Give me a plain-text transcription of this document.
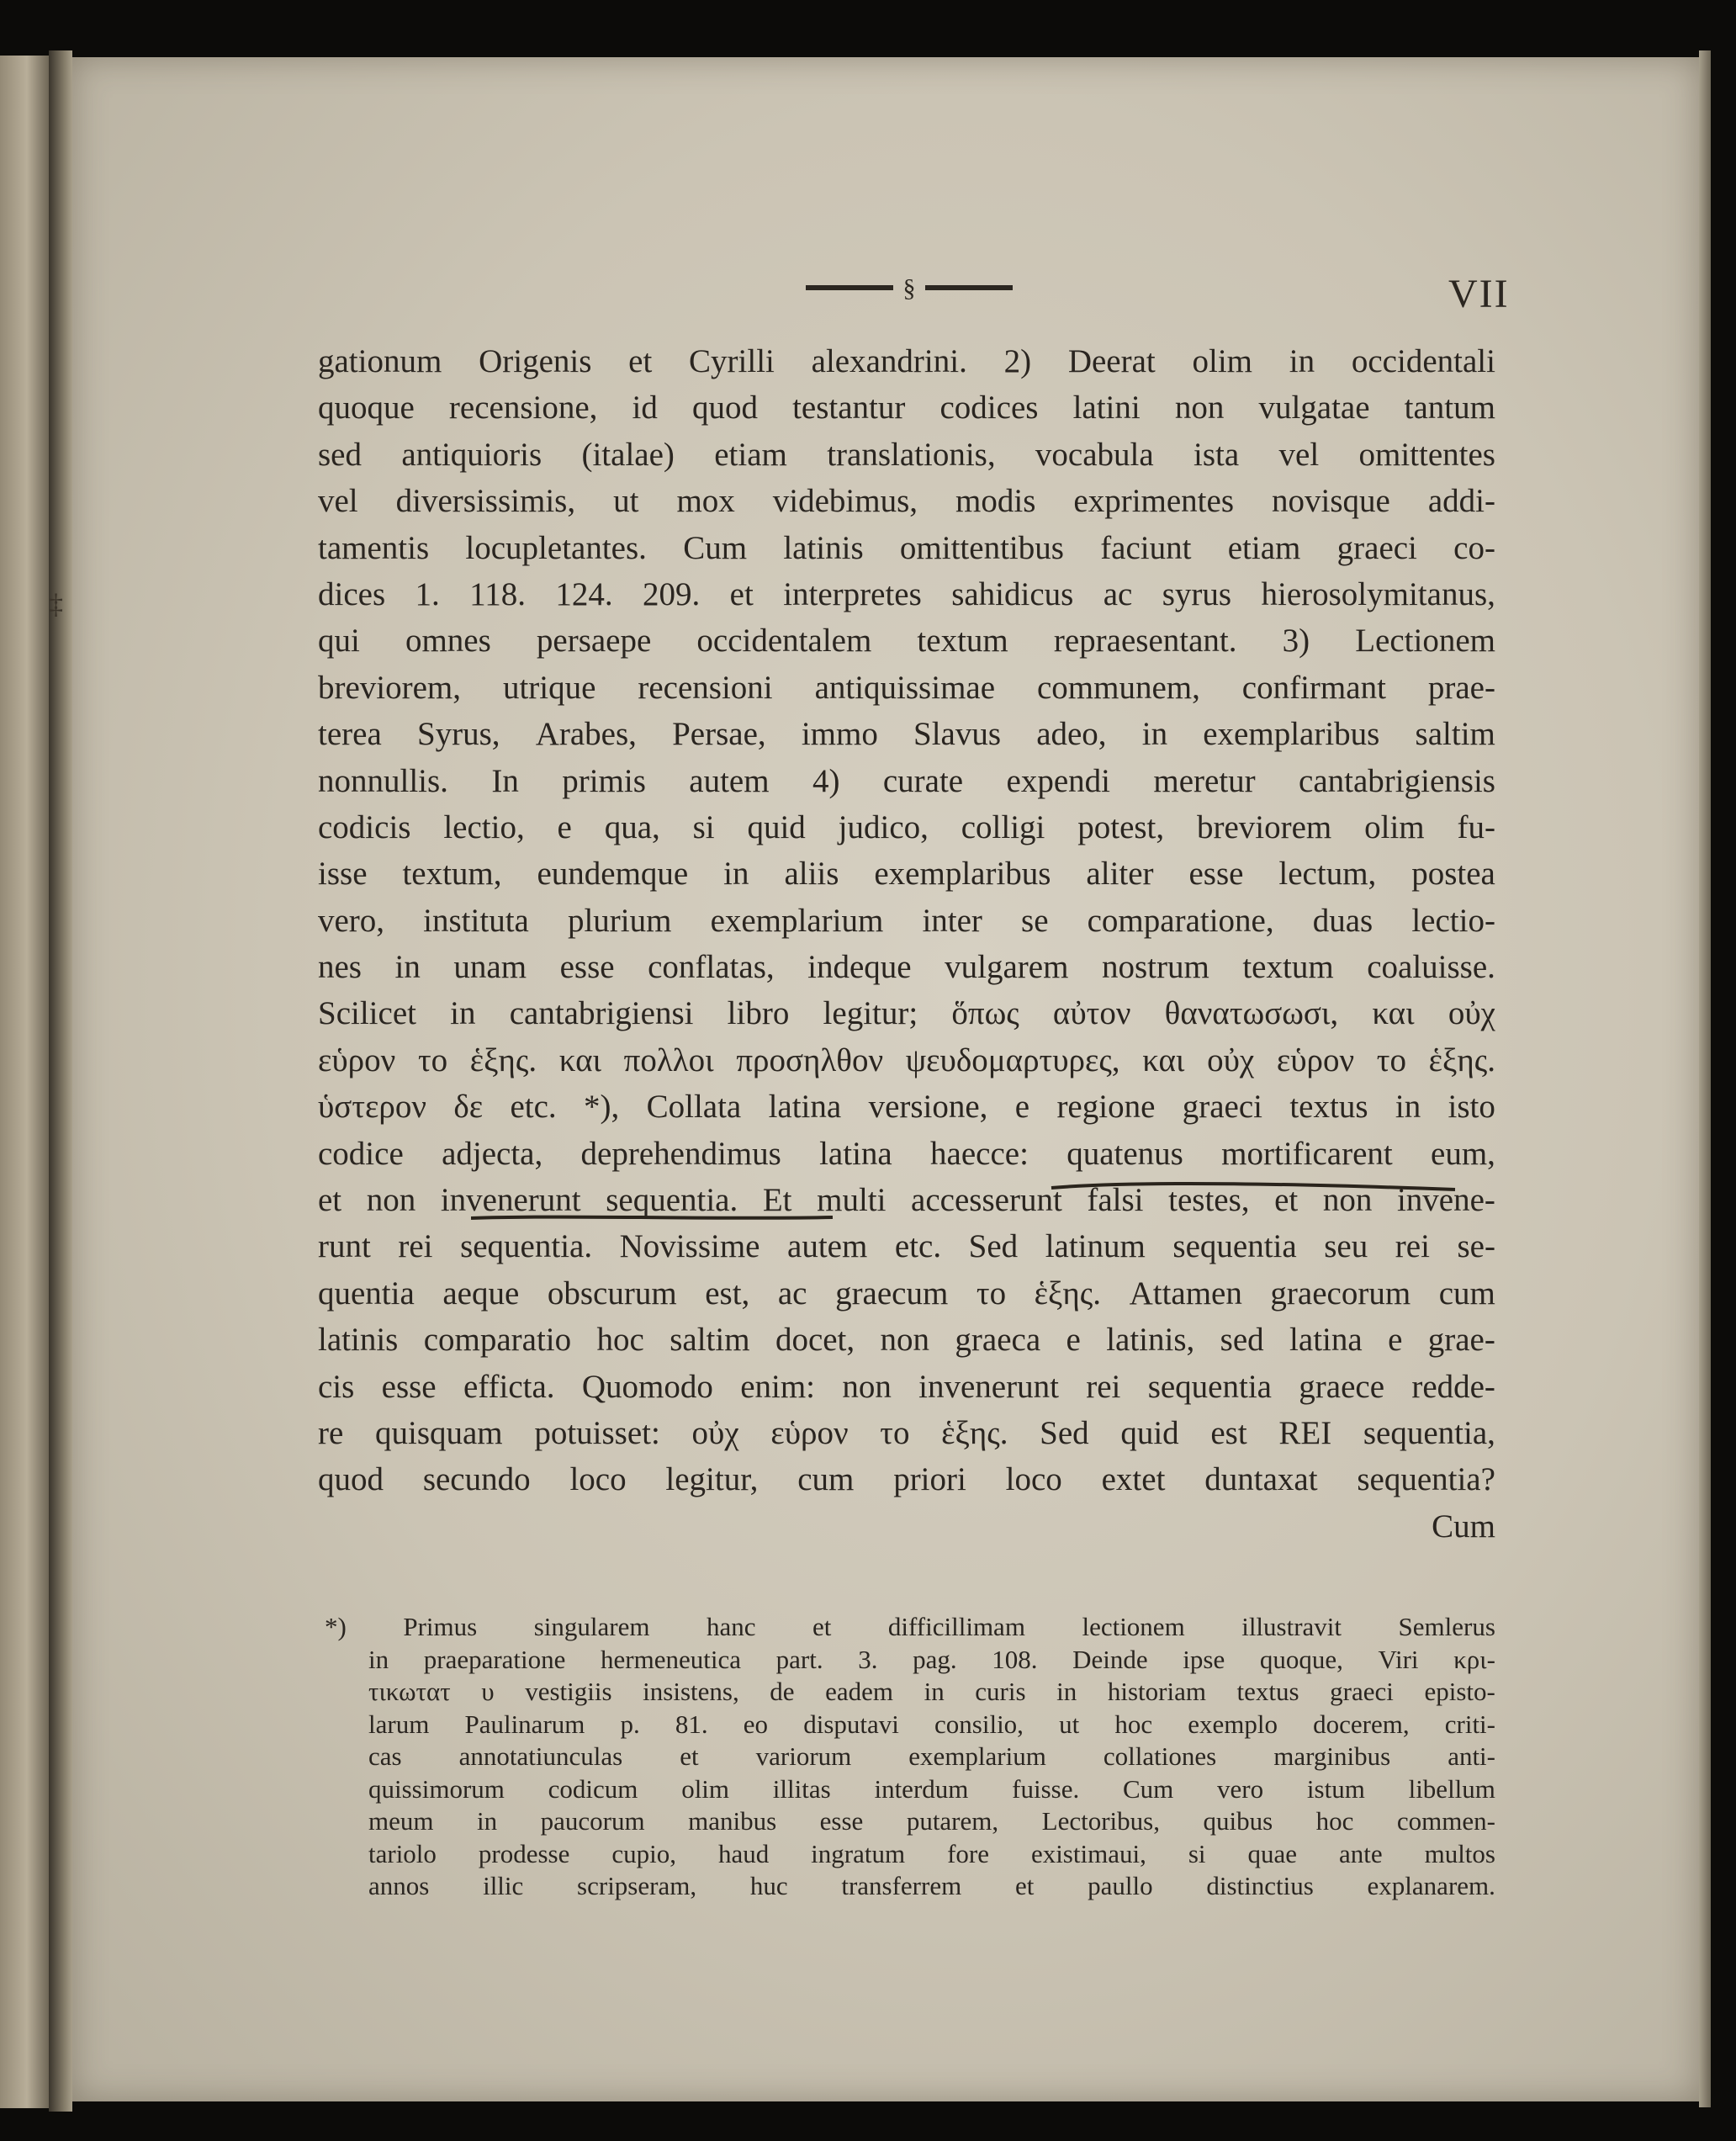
§	VII
‡
gationum Origenis et Cyrilli alexandrini. 2) Deerat olim in occidentali
quoque recensione, id quod testantur codices latini non vulgatae tantum
sed antiquioris (italae) etiam translationis, vocabula ista vel omittentes
vel diversissimis, ut mox videbimus, modis exprimentes novisque addi-
tamentis locupletantes. Cum latinis omittentibus faciunt etiam graeci co-
dices 1. 118. 124. 209. et interpretes sahidicus ac syrus hierosolymitanus,
qui omnes persaepe occidentalem textum repraesentant. 3) Lectionem
breviorem, utrique recensioni antiquissimae communem, confirmant prae-
terea Syrus, Arabes, Persae, immo Slavus adeo, in exemplaribus saltim
nonnullis. In primis autem 4) curate expendi meretur cantabrigiensis
codicis lectio, e qua, si quid judico, colligi potest, breviorem olim fu-
isse textum, eundemque in aliis exemplaribus aliter esse lectum, postea
vero, instituta plurium exemplarium inter se comparatione, duas lectio-
nes in unam esse conflatas, indeque vulgarem nostrum textum coaluisse.
Scilicet in cantabrigiensi libro legitur; ὅπως αὐτον θανατωσωσι, και οὐχ
εὑρον το ἑξης. και πολλοι προσηλθον ψευδομαρτυρες, και οὐχ εὑρον το ἑξης.
ὑστερον δε etc. *), Collata latina versione, e regione graeci textus in isto
codice adjecta, deprehendimus latina haecce: quatenus mortificarent eum,
et non invenerunt sequentia. Et multi accesserunt falsi testes, et non invene-
runt rei sequentia. Novissime autem etc. Sed latinum sequentia seu rei se-
quentia aeque obscurum est, ac graecum το ἑξης. Attamen graecorum cum
latinis comparatio hoc saltim docet, non graeca e latinis, sed latina e grae-
cis esse efficta. Quomodo enim: non invenerunt rei sequentia graece redde-
re quisquam potuisset: οὐχ εὑρον το ἑξης. Sed quid est REI sequentia,
quod secundo loco legitur, cum priori loco extet duntaxat sequentia?
Cum
*) Primus singularem hanc et difficillimam lectionem illustravit Semlerus
in praeparatione hermeneutica part. 3. pag. 108. Deinde ipse quoque, Viri κρι-
τικωτατ υ vestigiis insistens, de eadem in curis in historiam textus graeci episto-
larum Paulinarum p. 81. eo disputavi consilio, ut hoc exemplo docerem, criti-
cas annotatiunculas et variorum exemplarium collationes marginibus anti-
quissimorum codicum olim illitas interdum fuisse. Cum vero istum libellum
meum in paucorum manibus esse putarem, Lectoribus, quibus hoc commen-
tariolo prodesse cupio, haud ingratum fore existimaui, si quae ante multos
annos illic scripseram, huc transferrem et paullo distinctius explanarem.
